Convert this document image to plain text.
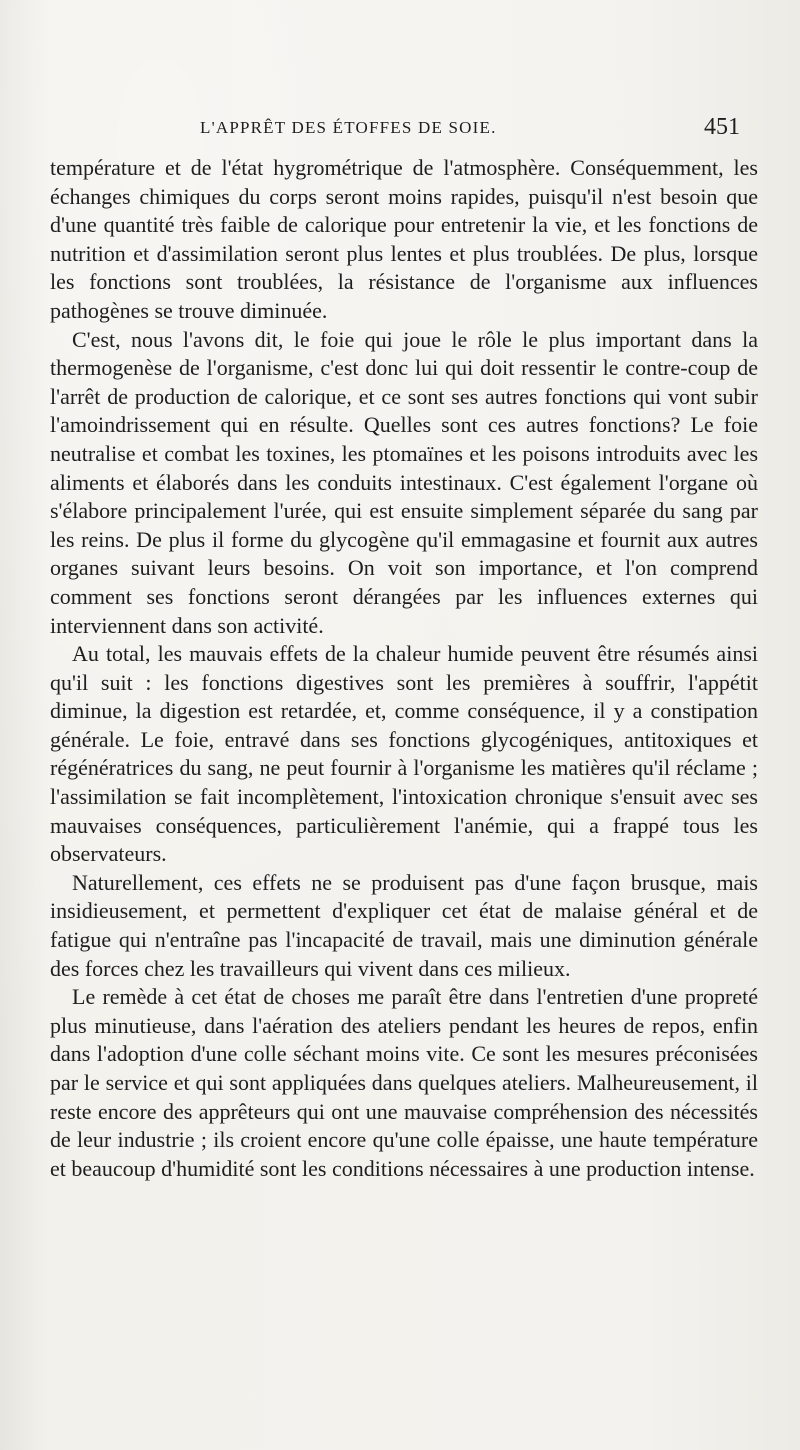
L'APPRÊT DES ÉTOFFES DE SOIE.	451

température et de l'état hygrométrique de l'atmosphère. Conséquemment, les échanges chimiques du corps seront moins rapides, puisqu'il n'est besoin que d'une quantité très faible de calorique pour entretenir la vie, et les fonctions de nutrition et d'assimilation seront plus lentes et plus troublées. De plus, lorsque les fonctions sont troublées, la résistance de l'organisme aux influences pathogènes se trouve diminuée.

C'est, nous l'avons dit, le foie qui joue le rôle le plus important dans la thermogenèse de l'organisme, c'est donc lui qui doit ressentir le contre-coup de l'arrêt de production de calorique, et ce sont ses autres fonctions qui vont subir l'amoindrissement qui en résulte. Quelles sont ces autres fonctions? Le foie neutralise et combat les toxines, les ptomaïnes et les poisons introduits avec les aliments et élaborés dans les conduits intestinaux. C'est également l'organe où s'élabore principalement l'urée, qui est ensuite simplement séparée du sang par les reins. De plus il forme du glycogène qu'il emmagasine et fournit aux autres organes suivant leurs besoins. On voit son importance, et l'on comprend comment ses fonctions seront dérangées par les influences externes qui interviennent dans son activité.

Au total, les mauvais effets de la chaleur humide peuvent être résumés ainsi qu'il suit : les fonctions digestives sont les premières à souffrir, l'appétit diminue, la digestion est retardée, et, comme conséquence, il y a constipation générale. Le foie, entravé dans ses fonctions glycogéniques, antitoxiques et régénératrices du sang, ne peut fournir à l'organisme les matières qu'il réclame ; l'assimilation se fait incomplètement, l'intoxication chronique s'ensuit avec ses mauvaises conséquences, particulièrement l'anémie, qui a frappé tous les observateurs.

Naturellement, ces effets ne se produisent pas d'une façon brusque, mais insidieusement, et permettent d'expliquer cet état de malaise général et de fatigue qui n'entraîne pas l'incapacité de travail, mais une diminution générale des forces chez les travailleurs qui vivent dans ces milieux.

Le remède à cet état de choses me paraît être dans l'entretien d'une propreté plus minutieuse, dans l'aération des ateliers pendant les heures de repos, enfin dans l'adoption d'une colle séchant moins vite. Ce sont les mesures préconisées par le service et qui sont appliquées dans quelques ateliers. Malheureusement, il reste encore des apprêteurs qui ont une mauvaise compréhension des nécessités de leur industrie ; ils croient encore qu'une colle épaisse, une haute température et beaucoup d'humidité sont les conditions nécessaires à une production intense.
